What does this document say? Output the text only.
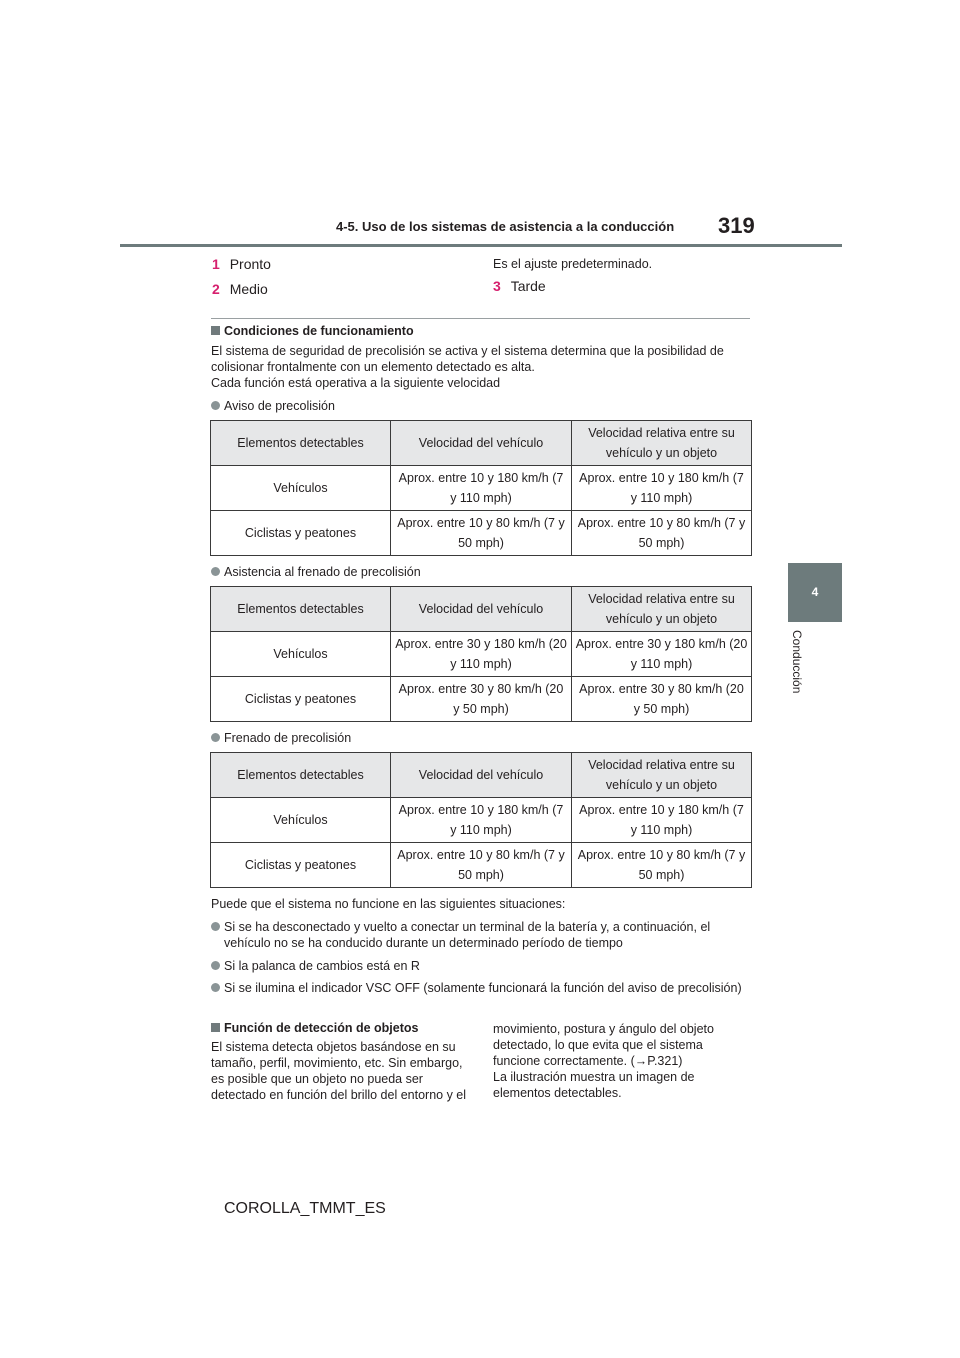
4-5. Uso de los sistemas de asistencia a la conducción 319
4
Conducción
1 Pronto
2 Medio
Es el ajuste predeterminado.
3 Tarde
Condiciones de funcionamiento
El sistema de seguridad de precolisión se activa y el sistema determina que la posibilidad de colisionar frontalmente con un elemento detectado es alta.
Cada función está operativa a la siguiente velocidad
Aviso de precolisión
Elementos detectables	Velocidad del vehículo	Velocidad relativa entre su vehículo y un objeto
Vehículos	Aprox. entre 10 y 180 km/h (7 y 110 mph)	Aprox. entre 10 y 180 km/h (7 y 110 mph)
Ciclistas y peatones	Aprox. entre 10 y 80 km/h (7 y 50 mph)	Aprox. entre 10 y 80 km/h (7 y 50 mph)
Asistencia al frenado de precolisión
Elementos detectables	Velocidad del vehículo	Velocidad relativa entre su vehículo y un objeto
Vehículos	Aprox. entre 30 y 180 km/h (20 y 110 mph)	Aprox. entre 30 y 180 km/h (20 y 110 mph)
Ciclistas y peatones	Aprox. entre 30 y 80 km/h (20 y 50 mph)	Aprox. entre 30 y 80 km/h (20 y 50 mph)
Frenado de precolisión
Elementos detectables	Velocidad del vehículo	Velocidad relativa entre su vehículo y un objeto
Vehículos	Aprox. entre 10 y 180 km/h (7 y 110 mph)	Aprox. entre 10 y 180 km/h (7 y 110 mph)
Ciclistas y peatones	Aprox. entre 10 y 80 km/h (7 y 50 mph)	Aprox. entre 10 y 80 km/h (7 y 50 mph)
Puede que el sistema no funcione en las siguientes situaciones:
Si se ha desconectado y vuelto a conectar un terminal de la batería y, a continuación, el vehículo no se ha conducido durante un determinado período de tiempo
Si la palanca de cambios está en R
Si se ilumina el indicador VSC OFF (solamente funcionará la función del aviso de precolisión)
Función de detección de objetos
El sistema detecta objetos basándose en su tamaño, perfil, movimiento, etc. Sin embargo, es posible que un objeto no pueda ser detectado en función del brillo del entorno y el
movimiento, postura y ángulo del objeto detectado, lo que evita que el sistema funcione correctamente. (→P.321)
La ilustración muestra un imagen de elementos detectables.
COROLLA_TMMT_ES
